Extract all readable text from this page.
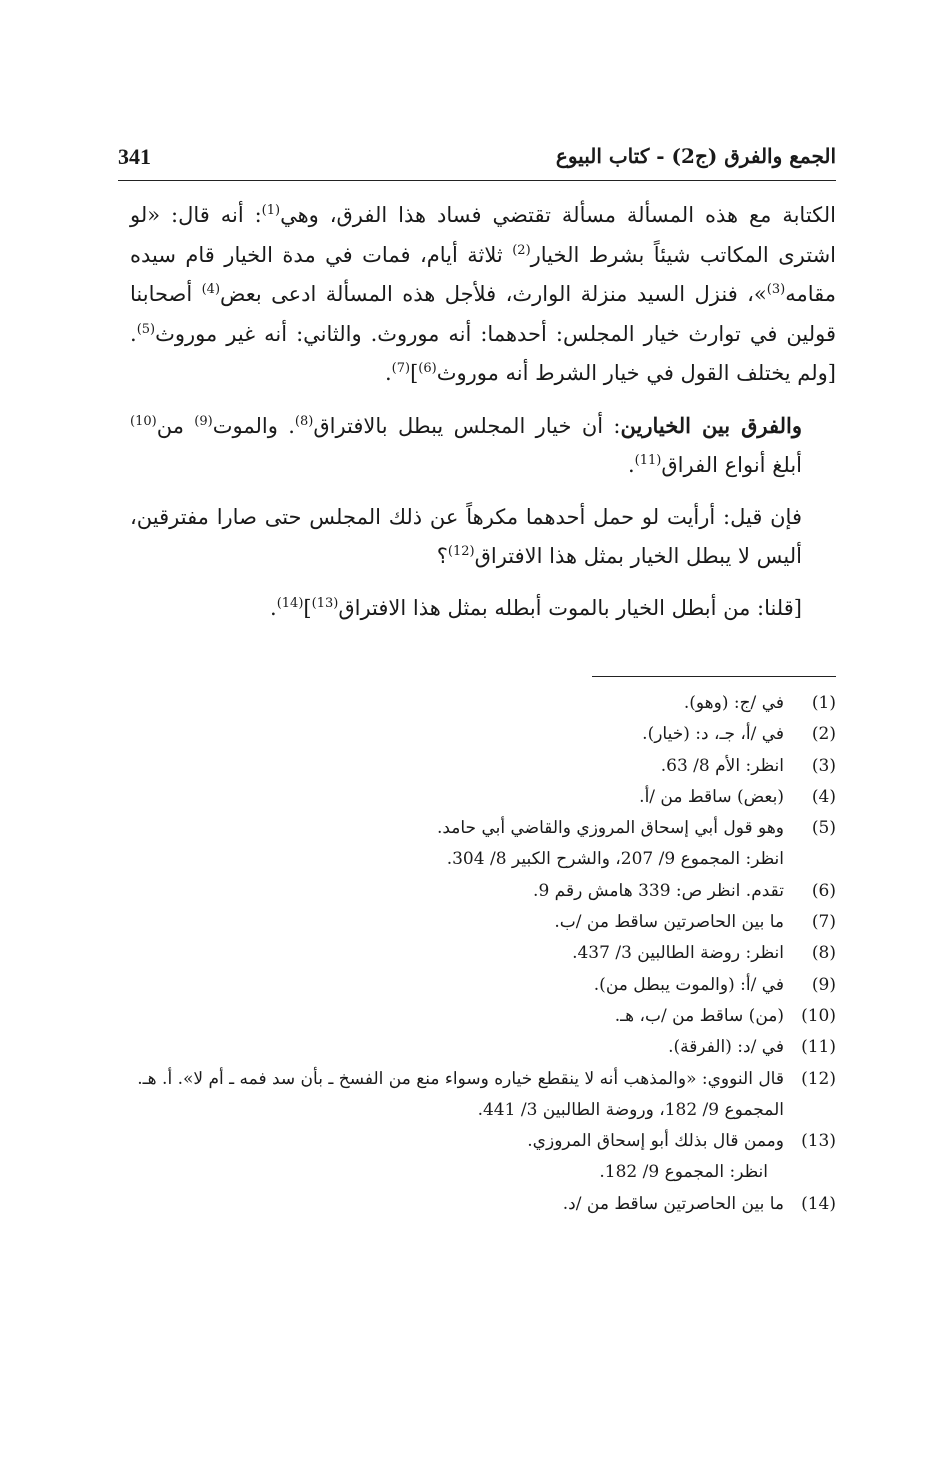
341	الجمع والفرق (ج2) - كتاب البيوع

الكتابة مع هذه المسألة مسألة تقتضي فساد هذا الفرق، وهي$^{(1)}$: أنه قال: «لو اشترى المكاتب شيئاً بشرط الخيار$^{(2)}$ ثلاثة أيام، فمات في مدة الخيار قام سيده مقامه$^{(3)}$»، فنزل السيد منزلة الوارث، فلأجل هذه المسألة ادعى بعض$^{(4)}$ أصحابنا قولين في توارث خيار المجلس: أحدهما: أنه موروث. والثاني: أنه غير موروث$^{(5)}$. [ولم يختلف القول في خيار الشرط أنه موروث$^{(6)}$]$^{(7)}$.

والفرق بين الخيارين: أن خيار المجلس يبطل بالافتراق$^{(8)}$. والموت$^{(9)}$ من$^{(10)}$ أبلغ أنواع الفراق$^{(11)}$.

فإن قيل: أرأيت لو حمل أحدهما مكرهاً عن ذلك المجلس حتى صارا مفترقين، أليس لا يبطل الخيار بمثل هذا الافتراق$^{(12)}$؟

[قلنا: من أبطل الخيار بالموت أبطله بمثل هذا الافتراق$^{(13)}$]$^{(14)}$.

(1)
في /ج: (وهو).
(2)
في /أ، جـ، د: (خيار).
(3)
انظر: الأم 8/ 63.
(4)
(بعض) ساقط من /أ.
(5)
وهو قول أبي إسحاق المروزي والقاضي أبي حامد.
انظر: المجموع 9/ 207، والشرح الكبير 8/ 304.
(6)
تقدم. انظر ص: 339 هامش رقم 9.
(7)
ما بين الحاصرتين ساقط من /ب.
(8)
انظر: روضة الطالبين 3/ 437.
(9)
في /أ: (والموت يبطل من).
(10)
(من) ساقط من /ب، هـ.
(11)
في /د: (الفرقة).
(12)
قال النووي: «والمذهب أنه لا ينقطع خياره وسواء منع من الفسخ ـ بأن سد فمه ـ أم لا». أ. هـ.
المجموع 9/ 182، وروضة الطالبين 3/ 441.
(13)
وممن قال بذلك أبو إسحاق المروزي.
انظر: المجموع 9/ 182.
(14)
ما بين الحاصرتين ساقط من /د.
